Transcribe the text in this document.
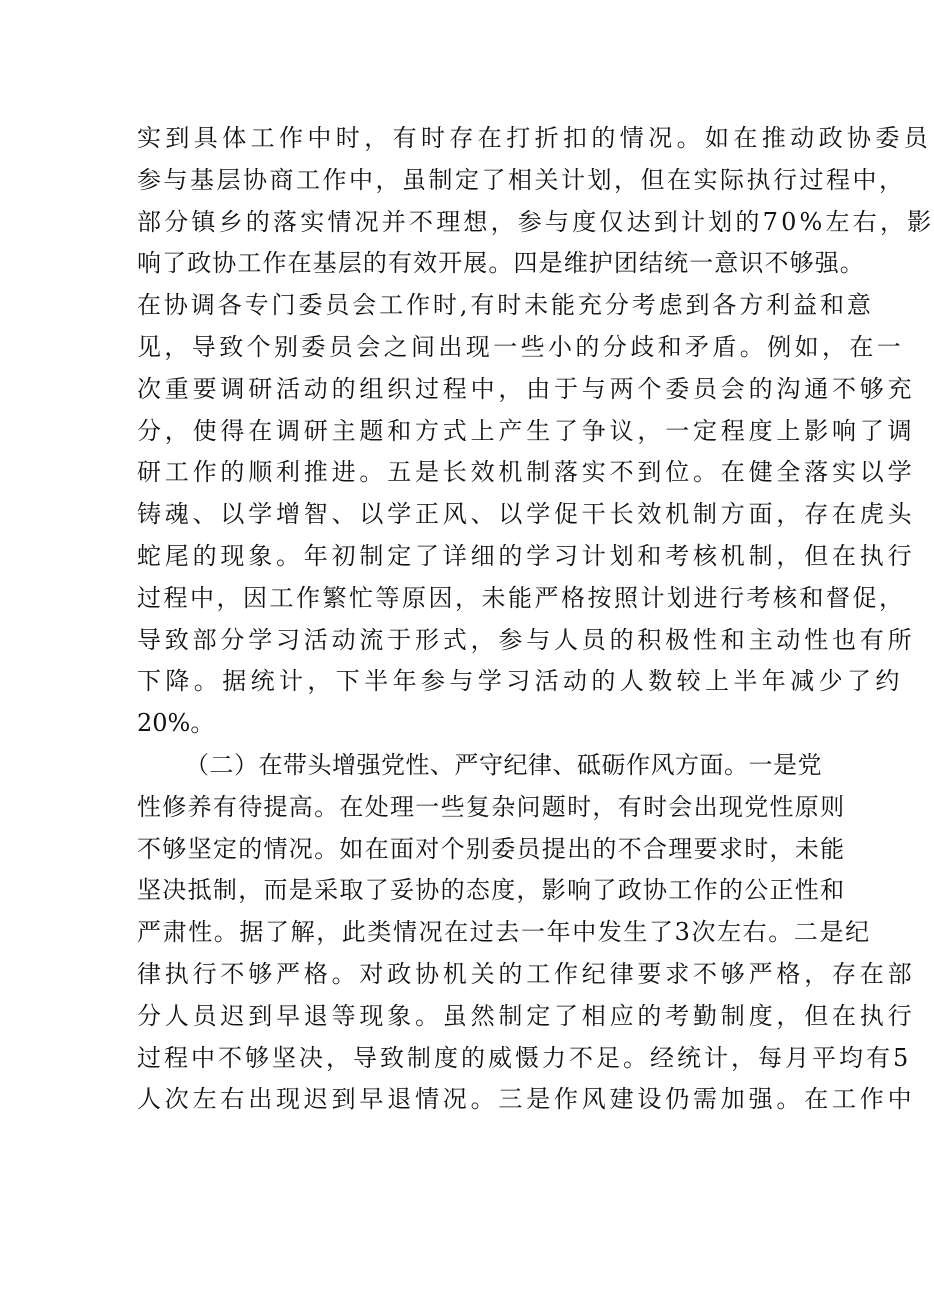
实到具体工作中时，有时存在打折扣的情况。如在推动政协委员
参与基层协商工作中，虽制定了相关计划，但在实际执行过程中，
部分镇乡的落实情况并不理想，参与度仅达到计划的70%左右，影
响了政协工作在基层的有效开展。四是维护团结统一意识不够强。
在协调各专门委员会工作时,有时未能充分考虑到各方利益和意
见，导致个别委员会之间出现一些小的分歧和矛盾。例如，在一
次重要调研活动的组织过程中，由于与两个委员会的沟通不够充
分，使得在调研主题和方式上产生了争议，一定程度上影响了调
研工作的顺利推进。五是长效机制落实不到位。在健全落实以学
铸魂、以学增智、以学正风、以学促干长效机制方面，存在虎头
蛇尾的现象。年初制定了详细的学习计划和考核机制，但在执行
过程中，因工作繁忙等原因，未能严格按照计划进行考核和督促，
导致部分学习活动流于形式，参与人员的积极性和主动性也有所
下降。据统计，下半年参与学习活动的人数较上半年减少了约
20%。
（二）在带头增强党性、严守纪律、砥砺作风方面。一是党
性修养有待提高。在处理一些复杂问题时，有时会出现党性原则
不够坚定的情况。如在面对个别委员提出的不合理要求时，未能
坚决抵制，而是采取了妥协的态度，影响了政协工作的公正性和
严肃性。据了解，此类情况在过去一年中发生了3次左右。二是纪
律执行不够严格。对政协机关的工作纪律要求不够严格，存在部
分人员迟到早退等现象。虽然制定了相应的考勤制度，但在执行
过程中不够坚决，导致制度的威慑力不足。经统计，每月平均有5
人次左右出现迟到早退情况。三是作风建设仍需加强。在工作中
